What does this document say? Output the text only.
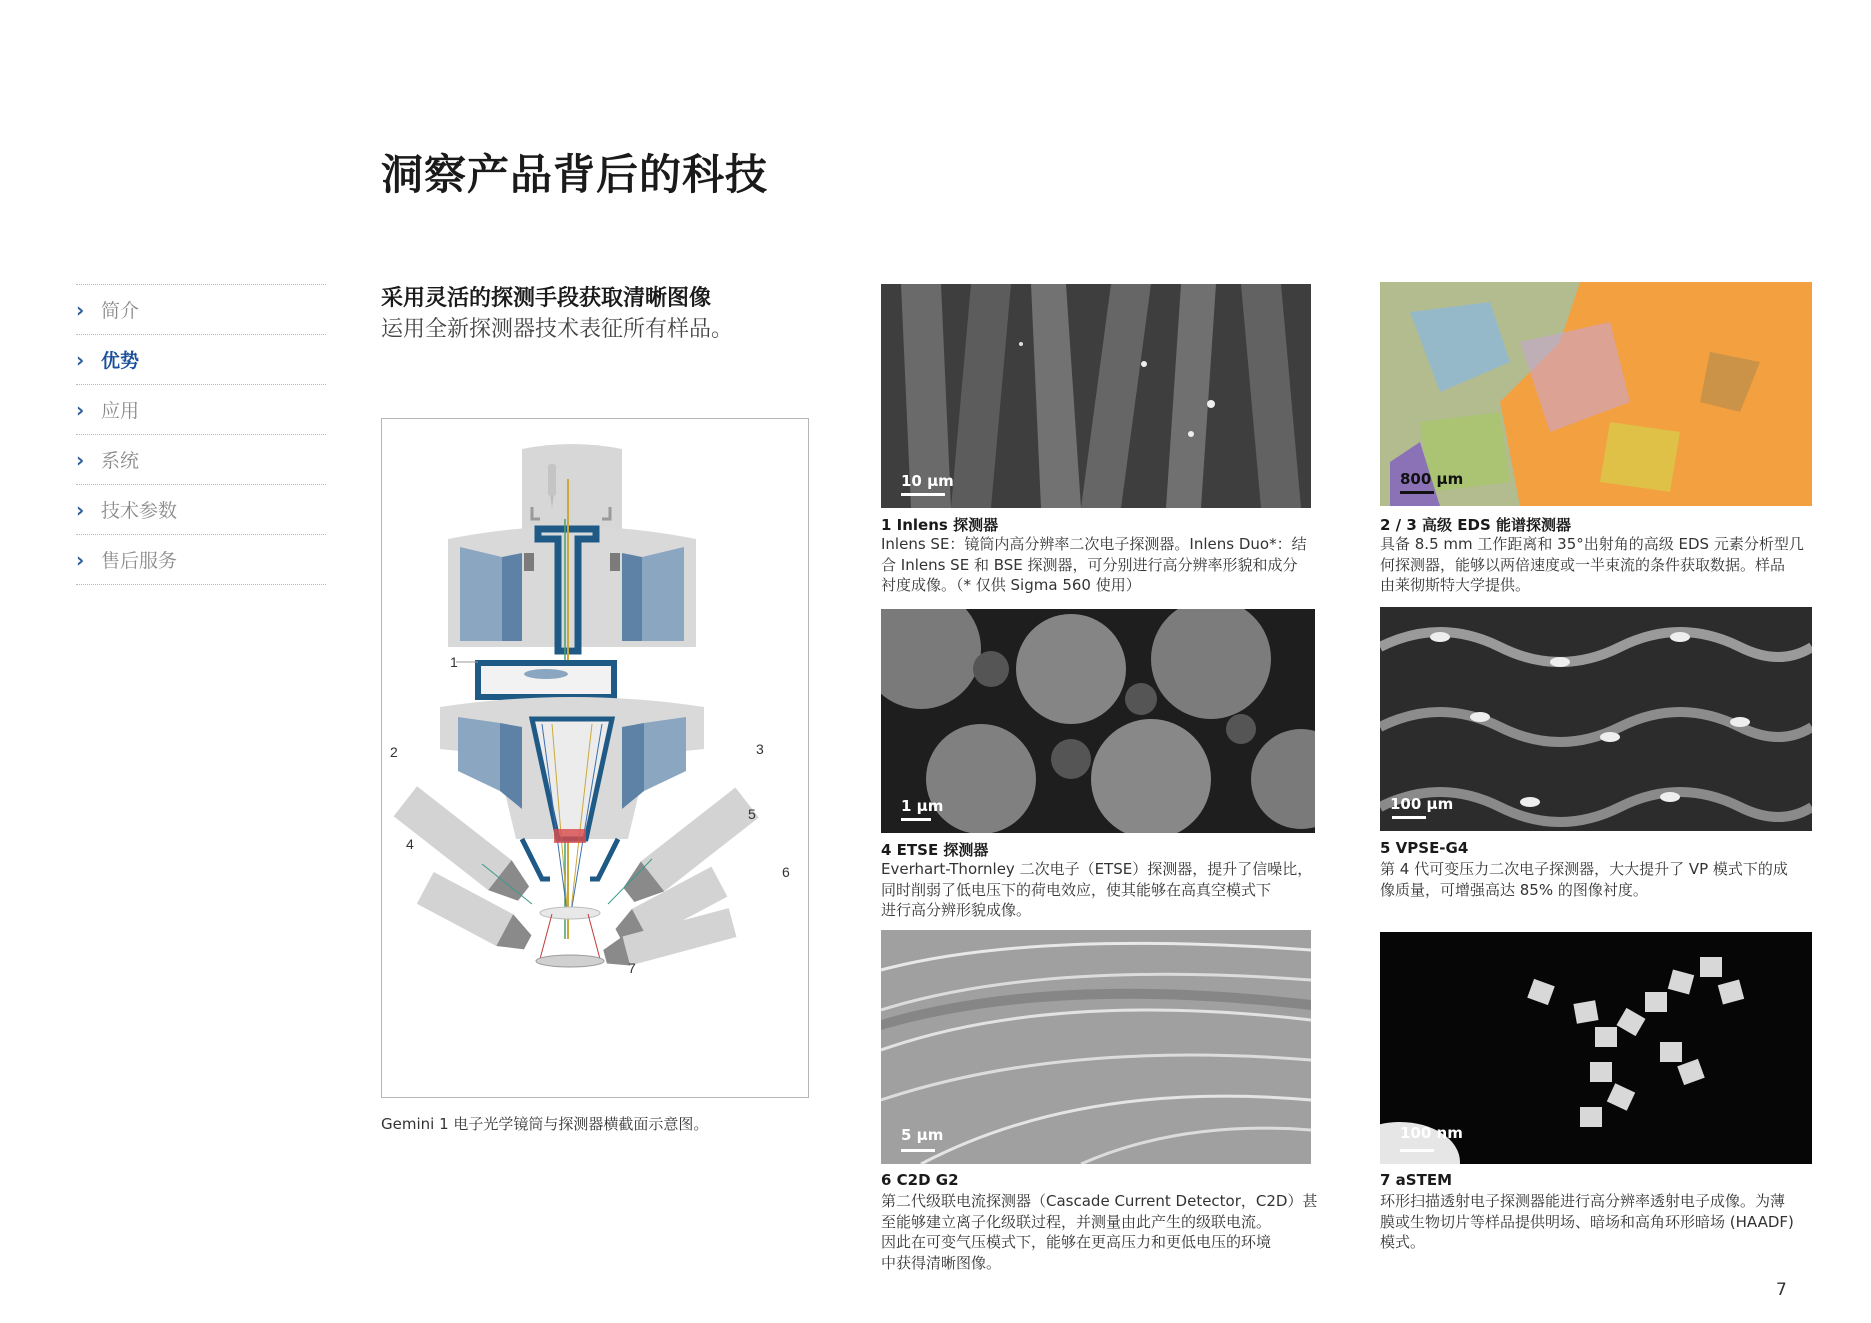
洞察产品背后的科技
› 简介
› 优势
› 应用
› 系统
› 技术参数
› 售后服务
采用灵活的探测手段获取清晰图像
运用全新探测器技术表征所有样品。
1
2	3
4
5
6
7
Gemini 1 电子光学镜筒与探测器横截面示意图。
10 µm
1 Inlens 探测器
Inlens SE：镜筒内高分辨率二次电子探测器。Inlens Duo*：结
合 Inlens SE 和 BSE 探测器，可分别进行高分辨率形貌和成分
衬度成像。（* 仅供 Sigma 560 使用）
800 µm
2 / 3 高级 EDS 能谱探测器
具备 8.5 mm 工作距离和 35°出射角的高级 EDS 元素分析型几
何探测器，能够以两倍速度或一半束流的条件获取数据。样品
由莱彻斯特大学提供。
1 µm
4 ETSE 探测器
Everhart-Thornley 二次电子（ETSE）探测器，提升了信噪比，
同时削弱了低电压下的荷电效应，使其能够在高真空模式下
进行高分辨形貌成像。
100 µm
5 VPSE-G4
第 4 代可变压力二次电子探测器，大大提升了 VP 模式下的成
像质量，可增强高达 85% 的图像衬度。
5 µm
6 C2D G2
第二代级联电流探测器（Cascade Current Detector，C2D）甚
至能够建立离子化级联过程，并测量由此产生的级联电流。
因此在可变气压模式下，能够在更高压力和更低电压的环境
中获得清晰图像。
100 nm
7 aSTEM
环形扫描透射电子探测器能进行高分辨率透射电子成像。为薄
膜或生物切片等样品提供明场、暗场和高角环形暗场 (HAADF)
模式。
7
